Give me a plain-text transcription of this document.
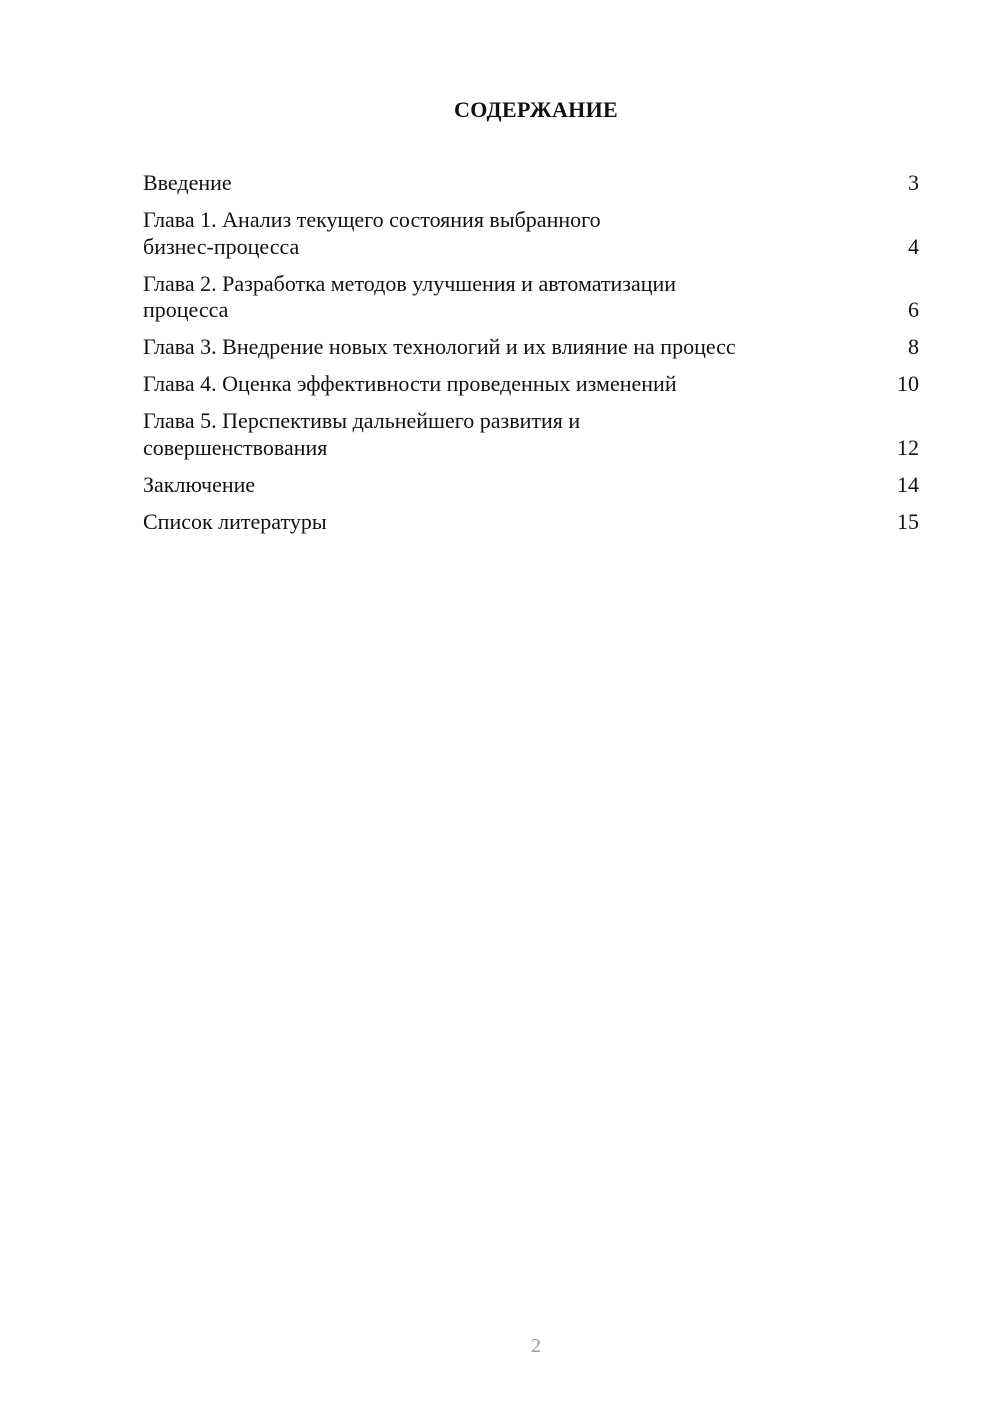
СОДЕРЖАНИЕ
Введение	3
Глава 1. Анализ текущего состояния выбранного
бизнес-процесса	4
Глава 2. Разработка методов улучшения и автоматизации
процесса	6
Глава 3. Внедрение новых технологий и их влияние на процесс	8
Глава 4. Оценка эффективности проведенных изменений	10
Глава 5. Перспективы дальнейшего развития и
совершенствования	12
Заключение	14
Список литературы	15
2
